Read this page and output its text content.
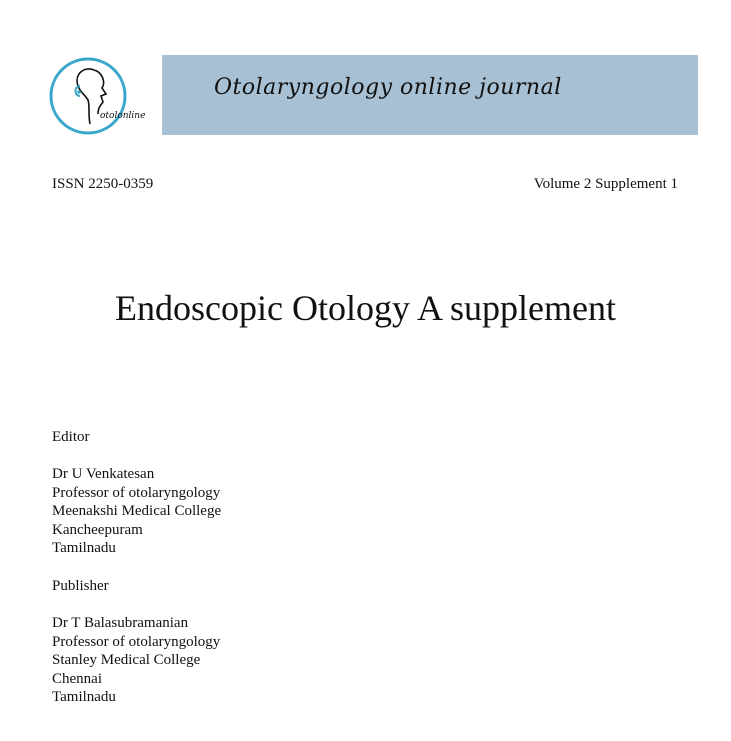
otolonline
Otolaryngology online journal
ISSN 2250-0359	Volume 2 Supplement 1
Endoscopic Otology A supplement
Editor
Dr U Venkatesan
Professor of otolaryngology
Meenakshi Medical College
Kancheepuram
Tamilnadu
Publisher
Dr T Balasubramanian
Professor of otolaryngology
Stanley Medical College
Chennai
Tamilnadu
